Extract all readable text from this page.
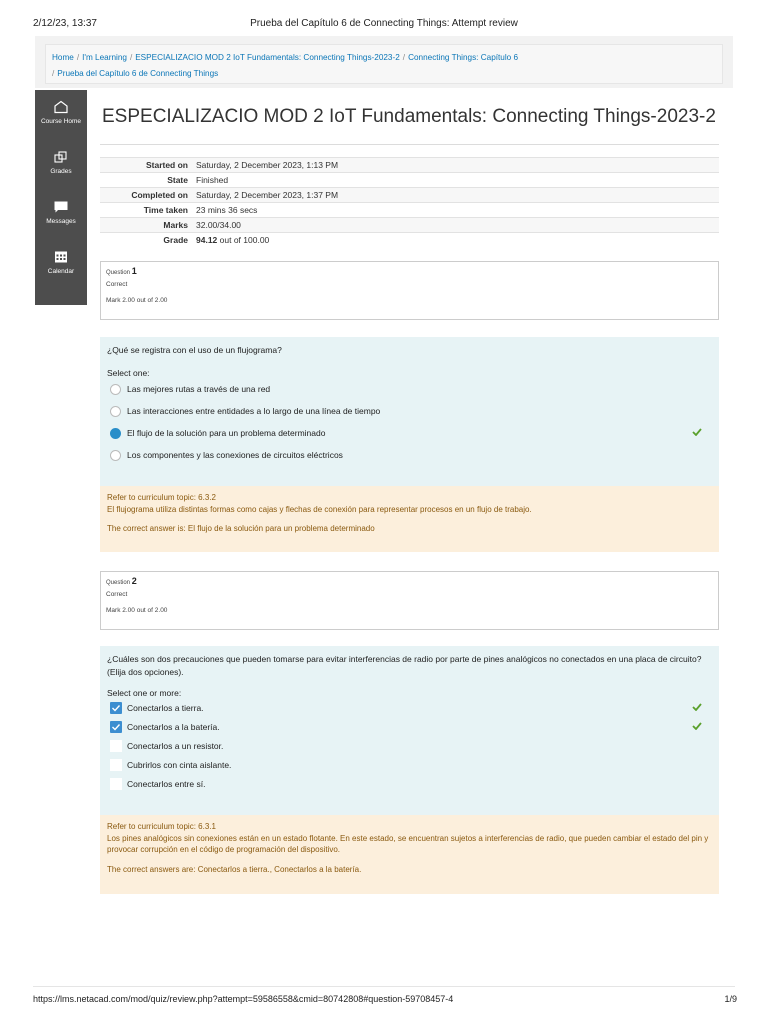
2/12/23, 13:37	Prueba del Capítulo 6 de Connecting Things: Attempt review
Home / I'm Learning / ESPECIALIZACIO MOD 2 IoT Fundamentals: Connecting Things-2023-2 / Connecting Things: Capítulo 6
/ Prueba del Capítulo 6 de Connecting Things
Course Home
Grades
Messages
Calendar
ESPECIALIZACIO MOD 2 IoT Fundamentals: Connecting Things-2023-2
Started on	Saturday, 2 December 2023, 1:13 PM
State	Finished
Completed on	Saturday, 2 December 2023, 1:37 PM
Time taken	23 mins 36 secs
Marks	32.00/34.00
Grade	94.12 out of 100.00
Question 1
Correct
Mark 2.00 out of 2.00
¿Qué se registra con el uso de un flujograma?
Select one:
Las mejores rutas a través de una red
Las interacciones entre entidades a lo largo de una línea de tiempo
El flujo de la solución para un problema determinado
Los componentes y las conexiones de circuitos eléctricos
Refer to curriculum topic: 6.3.2
El flujograma utiliza distintas formas como cajas y flechas de conexión para representar procesos en un flujo de trabajo.
The correct answer is: El flujo de la solución para un problema determinado
Question 2
Correct
Mark 2.00 out of 2.00
¿Cuáles son dos precauciones que pueden tomarse para evitar interferencias de radio por parte de pines analógicos no conectados en una placa de circuito? (Elija dos opciones).
Select one or more:
Conectarlos a tierra.
Conectarlos a la batería.
Conectarlos a un resistor.
Cubrirlos con cinta aislante.
Conectarlos entre sí.
Refer to curriculum topic: 6.3.1
Los pines analógicos sin conexiones están en un estado flotante. En este estado, se encuentran sujetos a interferencias de radio, que pueden cambiar el estado del pin y provocar corrupción en el código de programación del dispositivo.
The correct answers are: Conectarlos a tierra., Conectarlos a la batería.
https://lms.netacad.com/mod/quiz/review.php?attempt=59586558&cmid=80742808#question-59708457-4	1/9
